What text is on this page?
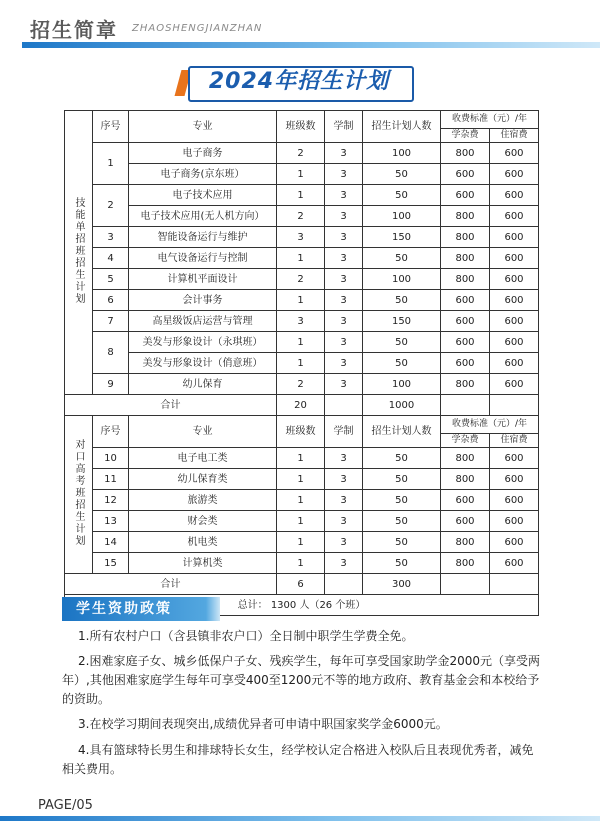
招生简章 ZHAOSHENGJIANZHAN
2024年招生计划
技能单招班招生计划	序号	专业	班级数	学制	招生计划人数	收费标准（元）/年	
						学杂费	住宿费
	1	电子商务	2	3	100	800	600
		电子商务(京东班）	1	3	50	600	600
	2	电子技术应用	1	3	50	600	600
		电子技术应用(无人机方向）	2	3	100	800	600
	3	智能设备运行与维护	3	3	150	800	600
	4	电气设备运行与控制	1	3	50	800	600
	5	计算机平面设计	2	3	100	800	600
	6	会计事务	1	3	50	600	600
	7	高星级饭店运营与管理	3	3	150	600	600
	8	美发与形象设计（永琪班）	1	3	50	600	600
		美发与形象设计（俏意班）	1	3	50	600	600
	9	幼儿保育	2	3	100	800	600
合计			20		1000		
对口高考班招生计划	序号	专业	班级数	学制	招生计划人数	收费标准（元）/年	
						学杂费	住宿费
	10	电子电工类	1	3	50	800	600
	11	幼儿保育类	1	3	50	800	600
	12	旅游类	1	3	50	600	600
	13	财会类	1	3	50	600	600
	14	机电类	1	3	50	800	600
	15	计算机类	1	3	50	800	600
合计			6		300		
总计： 1300 人（26 个班）							
学生资助政策
1.所有农村户口（含县镇非农户口）全日制中职学生学费全免。
2.困难家庭子女、城乡低保户子女、残疾学生，每年可享受国家助学金2000元（享受两年）,其他困难家庭学生每年可享受400至1200元不等的地方政府、教育基金会和本校给予的资助。
3.在校学习期间表现突出,成绩优异者可申请中职国家奖学金6000元。
4.具有篮球特长男生和排球特长女生，经学校认定合格进入校队后且表现优秀者，减免相关费用。
PAGE/05
